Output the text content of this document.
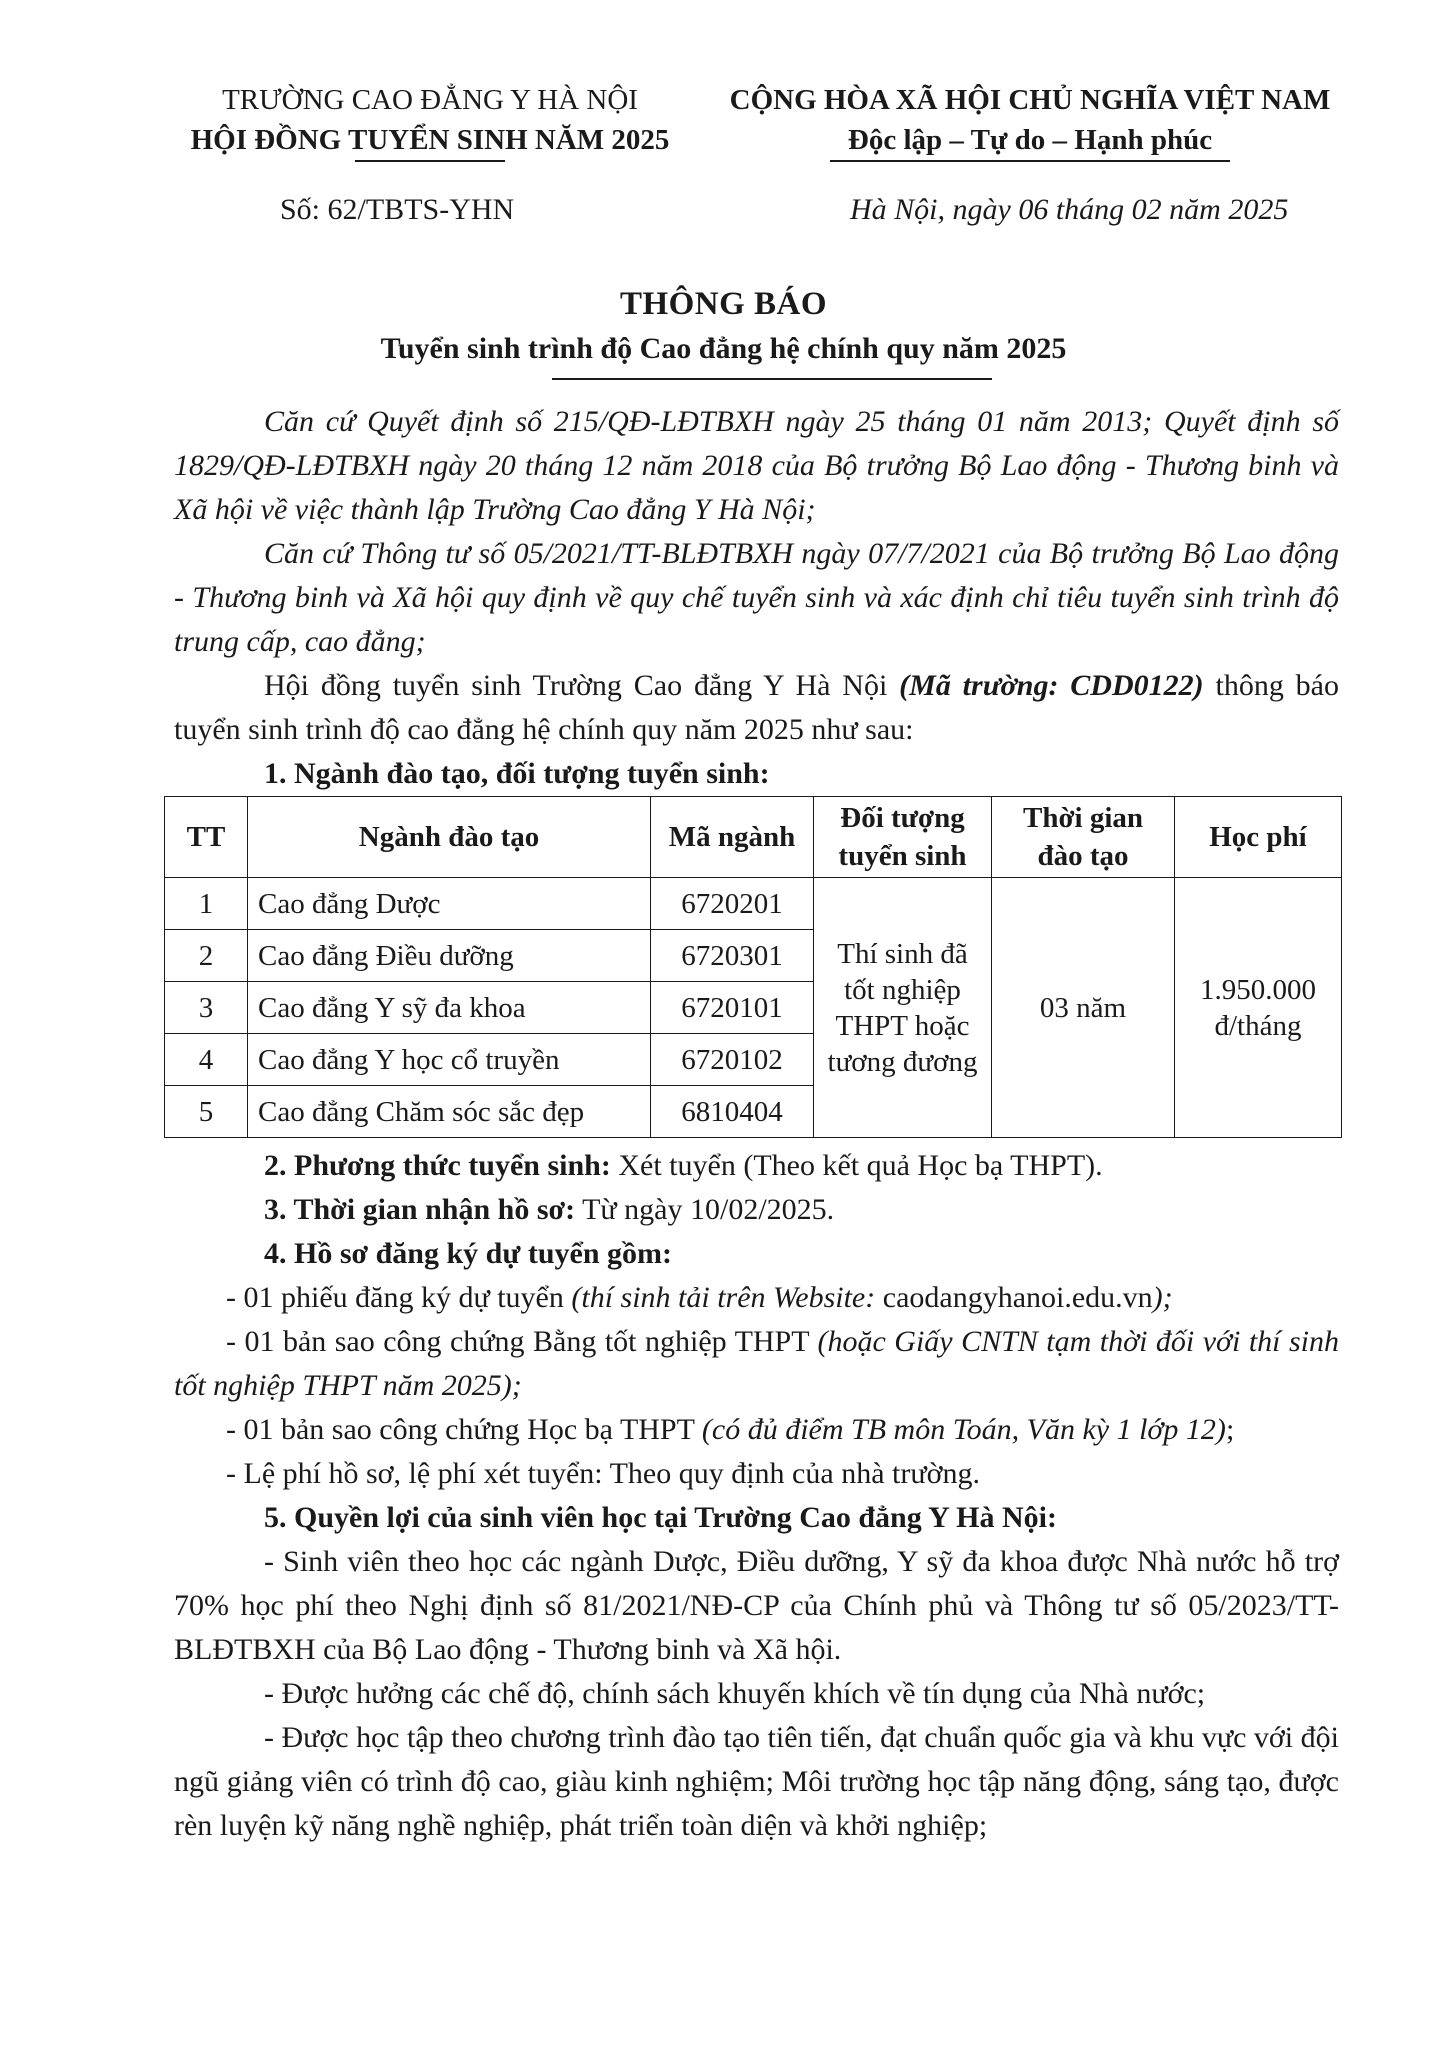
TRƯỜNG CAO ĐẲNG Y HÀ NỘI
HỘI ĐỒNG TUYỂN SINH NĂM 2025
CỘNG HÒA XÃ HỘI CHỦ NGHĨA VIỆT NAM
Độc lập – Tự do – Hạnh phúc
Số: 62/TBTS-YHN	Hà Nội, ngày 06 tháng 02 năm 2025
THÔNG BÁO
Tuyển sinh trình độ Cao đẳng hệ chính quy năm 2025

Căn cứ Quyết định số 215/QĐ-LĐTBXH ngày 25 tháng 01 năm 2013; Quyết định số 1829/QĐ-LĐTBXH ngày 20 tháng 12 năm 2018 của Bộ trưởng Bộ Lao động - Thương binh và Xã hội về việc thành lập Trường Cao đẳng Y Hà Nội;

Căn cứ Thông tư số 05/2021/TT-BLĐTBXH ngày 07/7/2021 của Bộ trưởng Bộ Lao động - Thương binh và Xã hội quy định về quy chế tuyển sinh và xác định chỉ tiêu tuyển sinh trình độ trung cấp, cao đẳng;

Hội đồng tuyển sinh Trường Cao đẳng Y Hà Nội (Mã trường: CDD0122) thông báo tuyển sinh trình độ cao đẳng hệ chính quy năm 2025 như sau:

1. Ngành đào tạo, đối tượng tuyển sinh:

TT	Ngành đào tạo	Mã ngành	Đối tượng tuyển sinh	Thời gian đào tạo	Học phí
1	Cao đẳng Dược	6720201	Thí sinh đã tốt nghiệp THPT hoặc tương đương	03 năm	1.950.000
đ/tháng

2	Cao đẳng Điều dưỡng	6720301			
3	Cao đẳng Y sỹ đa khoa	6720101			
4	Cao đẳng Y học cổ truyền	6720102			
5	Cao đẳng Chăm sóc sắc đẹp	6810404			

2. Phương thức tuyển sinh: Xét tuyển (Theo kết quả Học bạ THPT).

3. Thời gian nhận hồ sơ: Từ ngày 10/02/2025.

4. Hồ sơ đăng ký dự tuyển gồm:

- 01 phiếu đăng ký dự tuyển (thí sinh tải trên Website: caodangyhanoi.edu.vn);

- 01 bản sao công chứng Bằng tốt nghiệp THPT (hoặc Giấy CNTN tạm thời đối với thí sinh tốt nghiệp THPT năm 2025);

- 01 bản sao công chứng Học bạ THPT (có đủ điểm TB môn Toán, Văn kỳ 1 lớp 12);

- Lệ phí hồ sơ, lệ phí xét tuyển: Theo quy định của nhà trường.

5. Quyền lợi của sinh viên học tại Trường Cao đẳng Y Hà Nội:

- Sinh viên theo học các ngành Dược, Điều dưỡng, Y sỹ đa khoa được Nhà nước hỗ trợ 70% học phí theo Nghị định số 81/2021/NĐ-CP của Chính phủ và Thông tư số 05/2023/TT-BLĐTBXH của Bộ Lao động - Thương binh và Xã hội.

- Được hưởng các chế độ, chính sách khuyến khích về tín dụng của Nhà nước;

- Được học tập theo chương trình đào tạo tiên tiến, đạt chuẩn quốc gia và khu vực với đội ngũ giảng viên có trình độ cao, giàu kinh nghiệm; Môi trường học tập năng động, sáng tạo, được rèn luyện kỹ năng nghề nghiệp, phát triển toàn diện và khởi nghiệp;
